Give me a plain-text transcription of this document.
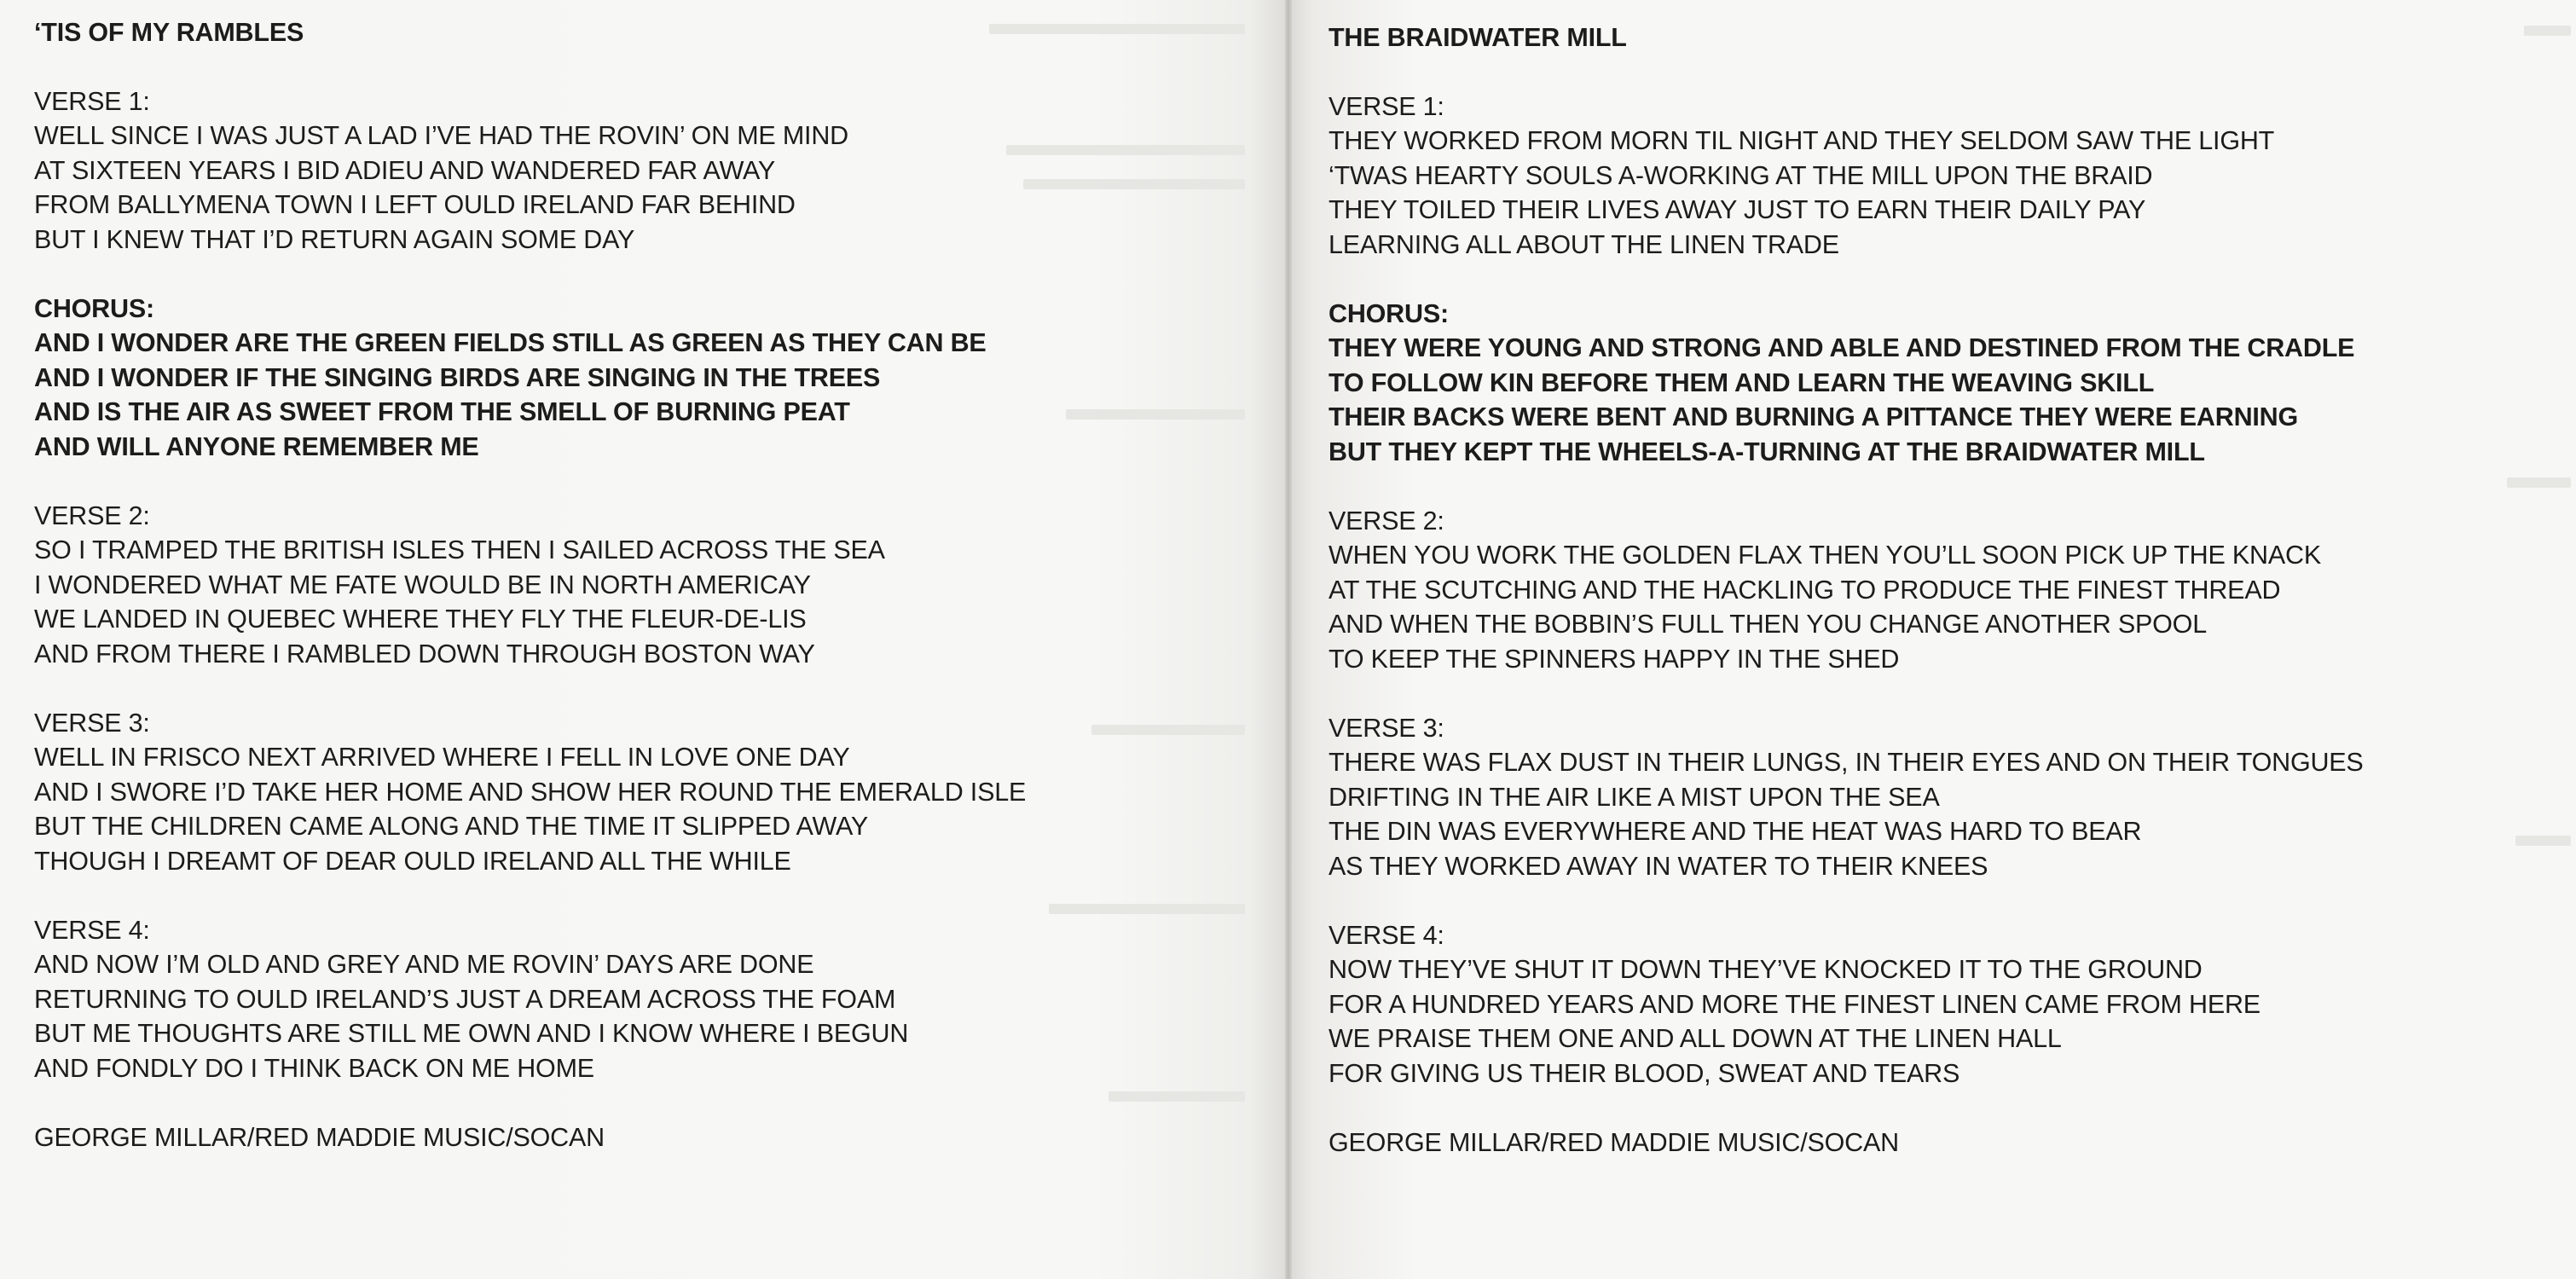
‘TIS OF MY RAMBLES
VERSE 1:
WELL SINCE I WAS JUST A LAD I’VE HAD THE ROVIN’ ON ME MIND
AT SIXTEEN YEARS I BID ADIEU AND WANDERED FAR AWAY
FROM BALLYMENA TOWN I LEFT OULD IRELAND FAR BEHIND
BUT I KNEW THAT I’D RETURN AGAIN SOME DAY
CHORUS:
AND I WONDER ARE THE GREEN FIELDS STILL AS GREEN AS THEY CAN BE
AND I WONDER IF THE SINGING BIRDS ARE SINGING IN THE TREES
AND IS THE AIR AS SWEET FROM THE SMELL OF BURNING PEAT
AND WILL ANYONE REMEMBER ME
VERSE 2:
SO I TRAMPED THE BRITISH ISLES THEN I SAILED ACROSS THE SEA
I WONDERED WHAT ME FATE WOULD BE IN NORTH AMERICAY
WE LANDED IN QUEBEC WHERE THEY FLY THE FLEUR-DE-LIS
AND FROM THERE I RAMBLED DOWN THROUGH BOSTON WAY
VERSE 3:
WELL IN FRISCO NEXT ARRIVED WHERE I FELL IN LOVE ONE DAY
AND I SWORE I’D TAKE HER HOME AND SHOW HER ROUND THE EMERALD ISLE
BUT THE CHILDREN CAME ALONG AND THE TIME IT SLIPPED AWAY
THOUGH I DREAMT OF DEAR OULD IRELAND ALL THE WHILE
VERSE 4:
AND NOW I’M OLD AND GREY AND ME ROVIN’ DAYS ARE DONE
RETURNING TO OULD IRELAND’S JUST A DREAM ACROSS THE FOAM
BUT ME THOUGHTS ARE STILL ME OWN AND I KNOW WHERE I BEGUN
AND FONDLY DO I THINK BACK ON ME HOME
GEORGE MILLAR/RED MADDIE MUSIC/SOCAN
THE BRAIDWATER MILL
VERSE 1:
THEY WORKED FROM MORN TIL NIGHT AND THEY SELDOM SAW THE LIGHT
‘TWAS HEARTY SOULS A-WORKING AT THE MILL UPON THE BRAID
THEY TOILED THEIR LIVES AWAY JUST TO EARN THEIR DAILY PAY
LEARNING ALL ABOUT THE LINEN TRADE
CHORUS:
THEY WERE YOUNG AND STRONG AND ABLE AND DESTINED FROM THE CRADLE
TO FOLLOW KIN BEFORE THEM AND LEARN THE WEAVING SKILL
THEIR BACKS WERE BENT AND BURNING A PITTANCE THEY WERE EARNING
BUT THEY KEPT THE WHEELS-A-TURNING AT THE BRAIDWATER MILL
VERSE 2:
WHEN YOU WORK THE GOLDEN FLAX THEN YOU’LL SOON PICK UP THE KNACK
AT THE SCUTCHING AND THE HACKLING TO PRODUCE THE FINEST THREAD
AND WHEN THE BOBBIN’S FULL THEN YOU CHANGE ANOTHER SPOOL
TO KEEP THE SPINNERS HAPPY IN THE SHED
VERSE 3:
THERE WAS FLAX DUST IN THEIR LUNGS, IN THEIR EYES AND ON THEIR TONGUES
DRIFTING IN THE AIR LIKE A MIST UPON THE SEA
THE DIN WAS EVERYWHERE AND THE HEAT WAS HARD TO BEAR
AS THEY WORKED AWAY IN WATER TO THEIR KNEES
VERSE 4:
NOW THEY’VE SHUT IT DOWN THEY’VE KNOCKED IT TO THE GROUND
FOR A HUNDRED YEARS AND MORE THE FINEST LINEN CAME FROM HERE
WE PRAISE THEM ONE AND ALL DOWN AT THE LINEN HALL
FOR GIVING US THEIR BLOOD, SWEAT AND TEARS
GEORGE MILLAR/RED MADDIE MUSIC/SOCAN
